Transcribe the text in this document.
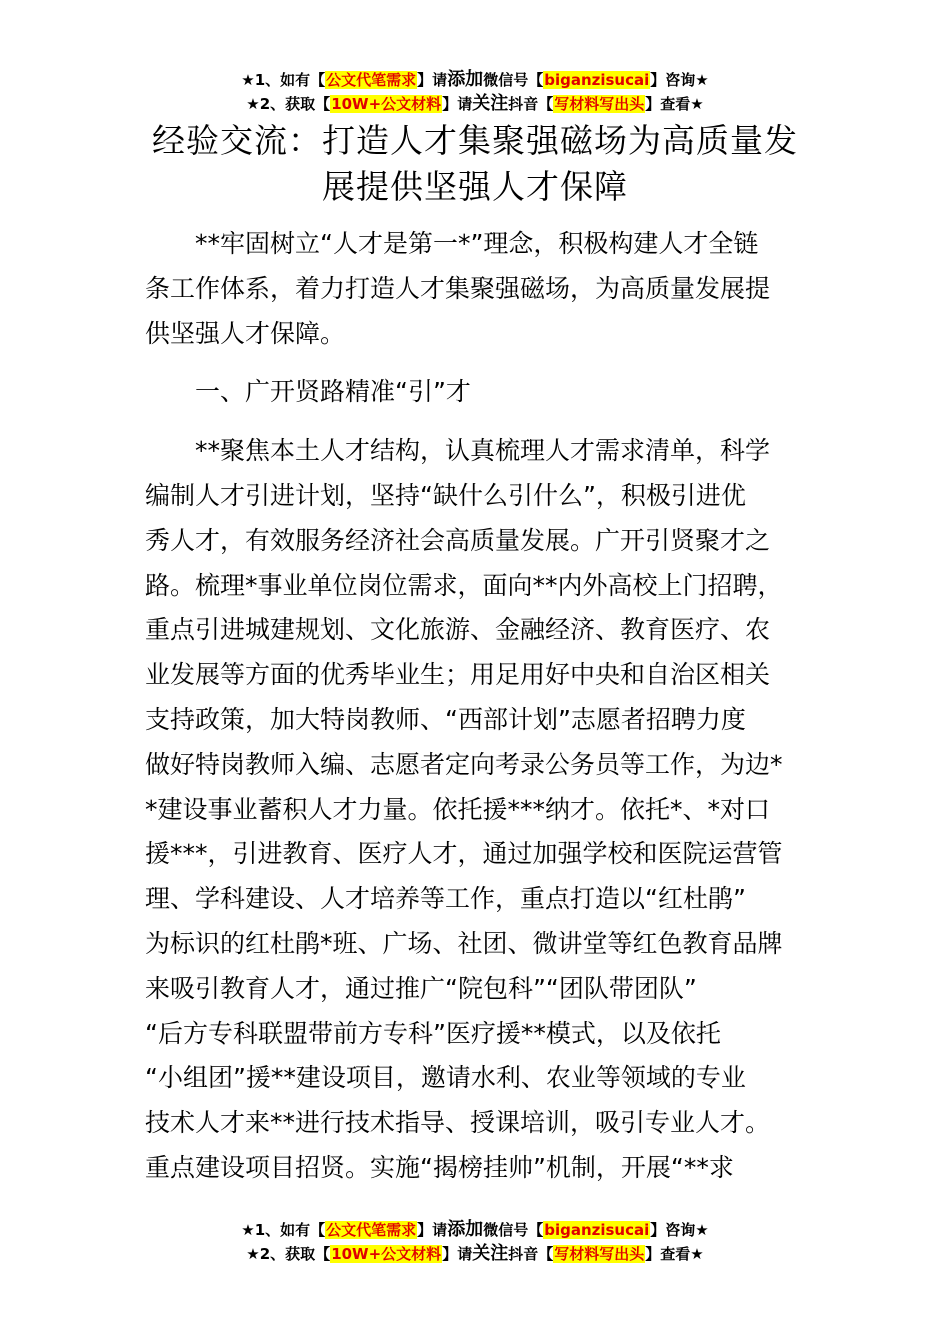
★1、如有【公文代笔需求】请添加微信号【biganzisucai】咨询★
★2、获取【10W+公文材料】请关注抖音【写材料写出头】查看★
经验交流：打造人才集聚强磁场为高质量发
展提供坚强人才保障
　　**牢固树立“人才是第一*”理念，积极构建人才全链
条工作体系，着力打造人才集聚强磁场，为高质量发展提
供坚强人才保障。
　　一、广开贤路精准“引”才
　　**聚焦本土人才结构，认真梳理人才需求清单，科学
编制人才引进计划，坚持“缺什么引什么”，积极引进优
秀人才，有效服务经济社会高质量发展。广开引贤聚才之
路。梳理*事业单位岗位需求，面向**内外高校上门招聘，
重点引进城建规划、文化旅游、金融经济、教育医疗、农
业发展等方面的优秀毕业生；用足用好中央和自治区相关
支持政策，加大特岗教师、“西部计划”志愿者招聘力度
做好特岗教师入编、志愿者定向考录公务员等工作，为边*
*建设事业蓄积人才力量。依托援***纳才。依托*、*对口
援***，引进教育、医疗人才，通过加强学校和医院运营管
理、学科建设、人才培养等工作，重点打造以“红杜鹃”
为标识的红杜鹃*班、广场、社团、微讲堂等红色教育品牌
来吸引教育人才，通过推广“院包科”“团队带团队”
“后方专科联盟带前方专科”医疗援**模式，以及依托
“小组团”援**建设项目，邀请水利、农业等领域的专业
技术人才来**进行技术指导、授课培训，吸引专业人才。
重点建设项目招贤。实施“揭榜挂帅”机制，开展“**求
★1、如有【公文代笔需求】请添加微信号【biganzisucai】咨询★
★2、获取【10W+公文材料】请关注抖音【写材料写出头】查看★
